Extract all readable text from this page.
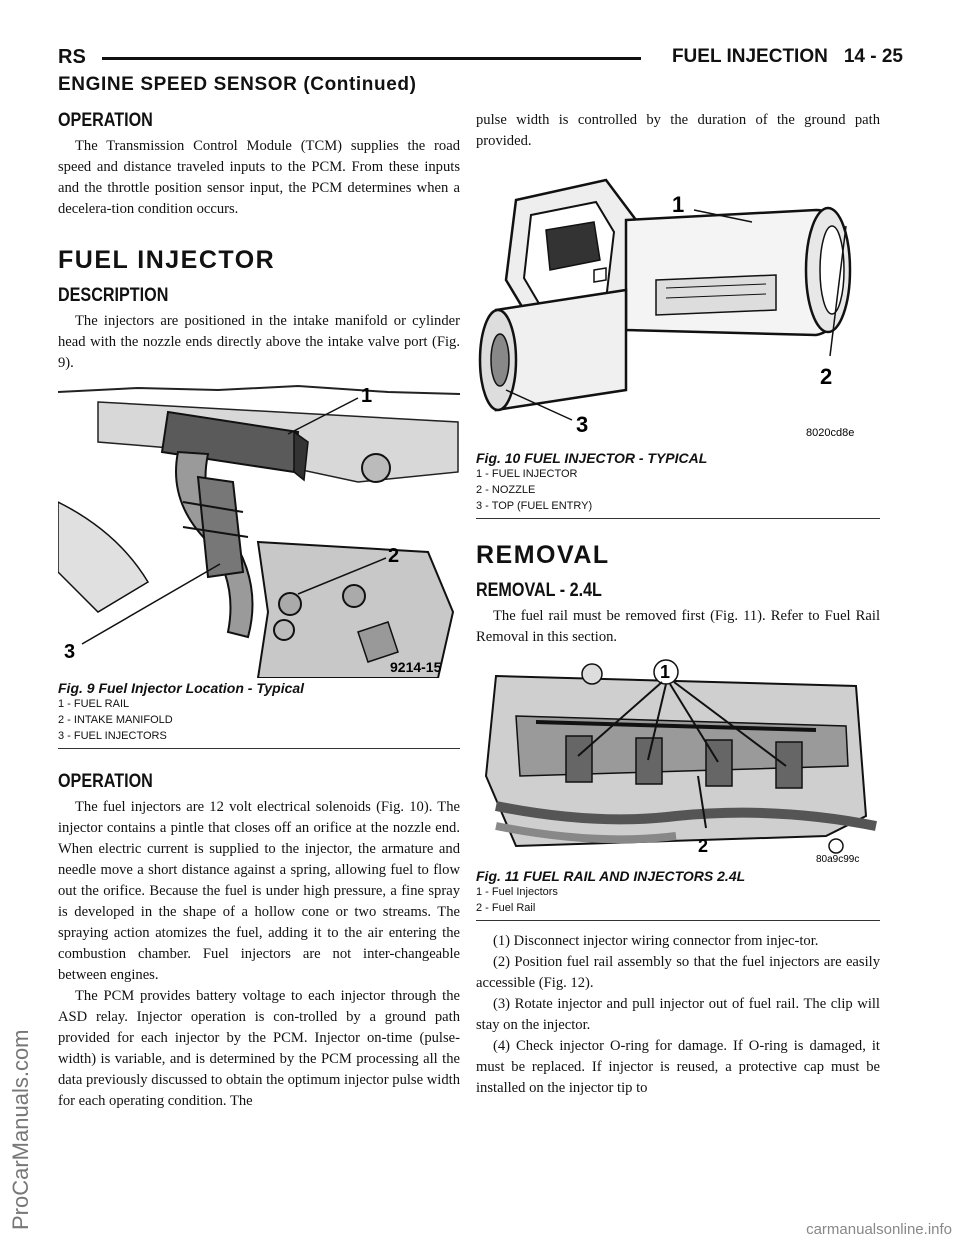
RS	FUEL INJECTION 14 - 25
ENGINE SPEED SENSOR (Continued)
OPERATION

The Transmission Control Module (TCM) supplies the road speed and distance traveled inputs to the PCM. From these inputs and the throttle position sensor input, the PCM determines when a decelera-tion condition occurs.

FUEL INJECTOR
DESCRIPTION

The injectors are positioned in the intake manifold or cylinder head with the nozzle ends directly above the intake valve port (Fig. 9).

1
2
3
9214-15
Fig. 9 Fuel Injector Location - Typical
1 - FUEL RAIL
2 - INTAKE MANIFOLD
3 - FUEL INJECTORS
OPERATION

The fuel injectors are 12 volt electrical solenoids (Fig. 10). The injector contains a pintle that closes off an orifice at the nozzle end. When electric current is supplied to the injector, the armature and needle move a short distance against a spring, allowing fuel to flow out the orifice. Because the fuel is under high pressure, a fine spray is developed in the shape of a hollow cone or two streams. The spraying action atomizes the fuel, adding it to the air entering the combustion chamber. Fuel injectors are not inter-changeable between engines.

The PCM provides battery voltage to each injector through the ASD relay. Injector operation is con-trolled by a ground path provided for each injector by the PCM. Injector on-time (pulse-width) is variable, and is determined by the PCM processing all the data previously discussed to obtain the optimum injector pulse width for each operating condition. The

pulse width is controlled by the duration of the ground path provided.

1
2
3	8020cd8e
Fig. 10 FUEL INJECTOR - TYPICAL
1 - FUEL INJECTOR
2 - NOZZLE
3 - TOP (FUEL ENTRY)
REMOVAL
REMOVAL - 2.4L

The fuel rail must be removed first (Fig. 11). Refer to Fuel Rail Removal in this section.

1
2
80a9c99c
Fig. 11 FUEL RAIL AND INJECTORS 2.4L
1 - Fuel Injectors
2 - Fuel Rail

(1) Disconnect injector wiring connector from injec-tor.

(2) Position fuel rail assembly so that the fuel injectors are easily accessible (Fig. 12).

(3) Rotate injector and pull injector out of fuel rail. The clip will stay on the injector.

(4) Check injector O-ring for damage. If O-ring is damaged, it must be replaced. If injector is reused, a protective cap must be installed on the injector tip to

ProCarManuals.com	carmanualsonline.info
